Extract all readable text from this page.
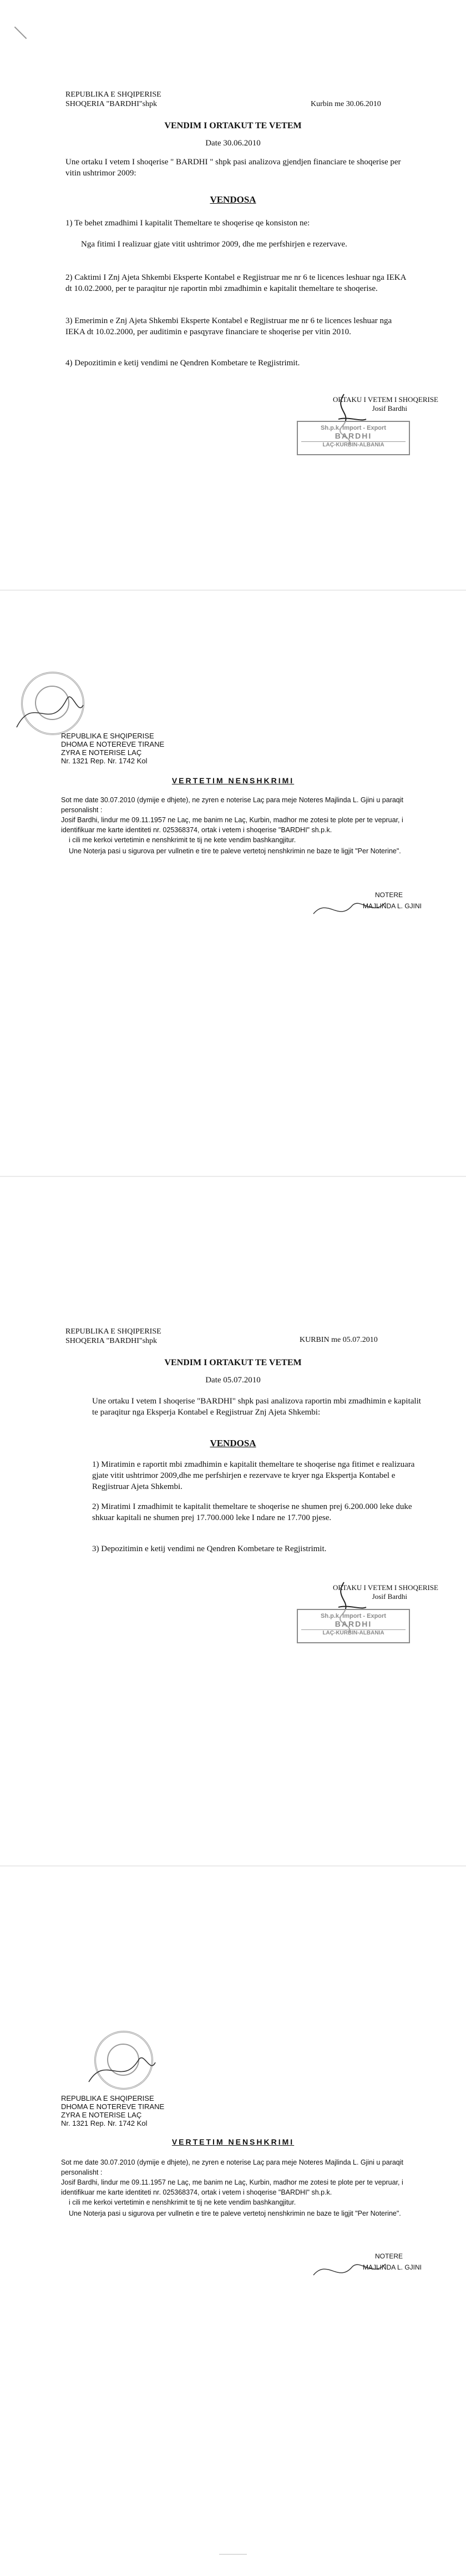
REPUBLIKA E SHQIPERISE
SHOQERIA "BARDHI"shpk	Kurbin me 30.06.2010
VENDIM I ORTAKUT TE VETEM
Date 30.06.2010
Une ortaku I vetem I shoqerise " BARDHI " shpk pasi analizova gjendjen financiare te shoqerise per vitin ushtrimor 2009:
VENDOSA
1) Te behet zmadhimi I kapitalit Themeltare te shoqerise qe konsiston ne:
Nga fitimi I realizuar gjate vitit ushtrimor 2009, dhe me perfshirjen e rezervave.
2) Caktimi I Znj Ajeta Shkembi Eksperte Kontabel e Regjistruar me nr 6 te licences leshuar nga IEKA dt 10.02.2000, per te paraqitur nje raportin mbi zmadhimin e kapitalit themeltare te shoqerise.
3) Emerimin e Znj Ajeta Shkembi Eksperte Kontabel e Regjistruar me nr 6 te licences leshuar nga IEKA dt 10.02.2000, per auditimin e pasqyrave financiare te shoqerise per vitin 2010.
4) Depozitimin e ketij vendimi ne Qendren Kombetare te Regjistrimit.
ORTAKU I VETEM I SHOQERISE
Josif Bardhi
Sh.p.k. Import - Export
BARDHI
LAÇ-KURBIN-ALBANIA
REPUBLIKA E SHQIPERISE
DHOMA E NOTEREVE TIRANE
ZYRA E NOTERISE LAÇ
Nr. 1321 Rep. Nr. 1742 Kol
VERTETIM NENSHKRIMI
Sot me date 30.07.2010 (dymije e dhjete), ne zyren e noterise Laç para meje Noteres Majlinda L. Gjini u paraqit personalisht :
Josif Bardhi, lindur me 09.11.1957 ne Laç, me banim ne Laç, Kurbin, madhor me zotesi te plote per te vepruar, i identifikuar me karte identiteti nr. 025368374, ortak i vetem i shoqerise "BARDHI" sh.p.k.
i cili me kerkoi vertetimin e nenshkrimit te tij ne kete vendim bashkangjitur.
Une Noterja pasi u sigurova per vullnetin e tire te paleve vertetoj nenshkrimin ne baze te ligjit "Per Noterine".
NOTERE
MAJLINDA L. GJINI
REPUBLIKA E SHQIPERISE
SHOQERIA "BARDHI"shpk	KURBIN me 05.07.2010
VENDIM I ORTAKUT TE VETEM
Date 05.07.2010
Une ortaku I vetem I shoqerise "BARDHI" shpk pasi analizova raportin mbi zmadhimin e kapitalit te paraqitur nga Eksperja Kontabel e Regjistruar Znj Ajeta Shkembi:
VENDOSA
1) Miratimin e raportit mbi zmadhimin e kapitalit themeltare te shoqerise nga fitimet e realizuara gjate vitit ushtrimor 2009,dhe me perfshirjen e rezervave te kryer nga Ekspertja Kontabel e Regjistruar Ajeta Shkembi.
2) Miratimi I zmadhimit te kapitalit themeltare te shoqerise ne shumen prej 6.200.000 leke duke shkuar kapitali ne shumen prej 17.700.000 leke I ndare ne 17.700 pjese.
3) Depozitimin e ketij vendimi ne Qendren Kombetare te Regjistrimit.
ORTAKU I VETEM I SHOQERISE
Josif Bardhi
Sh.p.k. Import - Export
BARDHI
LAÇ-KURBIN-ALBANIA
REPUBLIKA E SHQIPERISE
DHOMA E NOTEREVE TIRANE
ZYRA E NOTERISE LAÇ
Nr. 1321 Rep. Nr. 1742 Kol
VERTETIM NENSHKRIMI
Sot me date 30.07.2010 (dymije e dhjete), ne zyren e noterise Laç para meje Noteres Majlinda L. Gjini u paraqit personalisht :
Josif Bardhi, lindur me 09.11.1957 ne Laç, me banim ne Laç, Kurbin, madhor me zotesi te plote per te vepruar, i identifikuar me karte identiteti nr. 025368374, ortak i vetem i shoqerise "BARDHI" sh.p.k.
i cili me kerkoi vertetimin e nenshkrimit te tij ne kete vendim bashkangjitur.
Une Noterja pasi u sigurova per vullnetin e tire te paleve vertetoj nenshkrimin ne baze te ligjit "Per Noterine".
NOTERE
MAJLINDA L. GJINI
